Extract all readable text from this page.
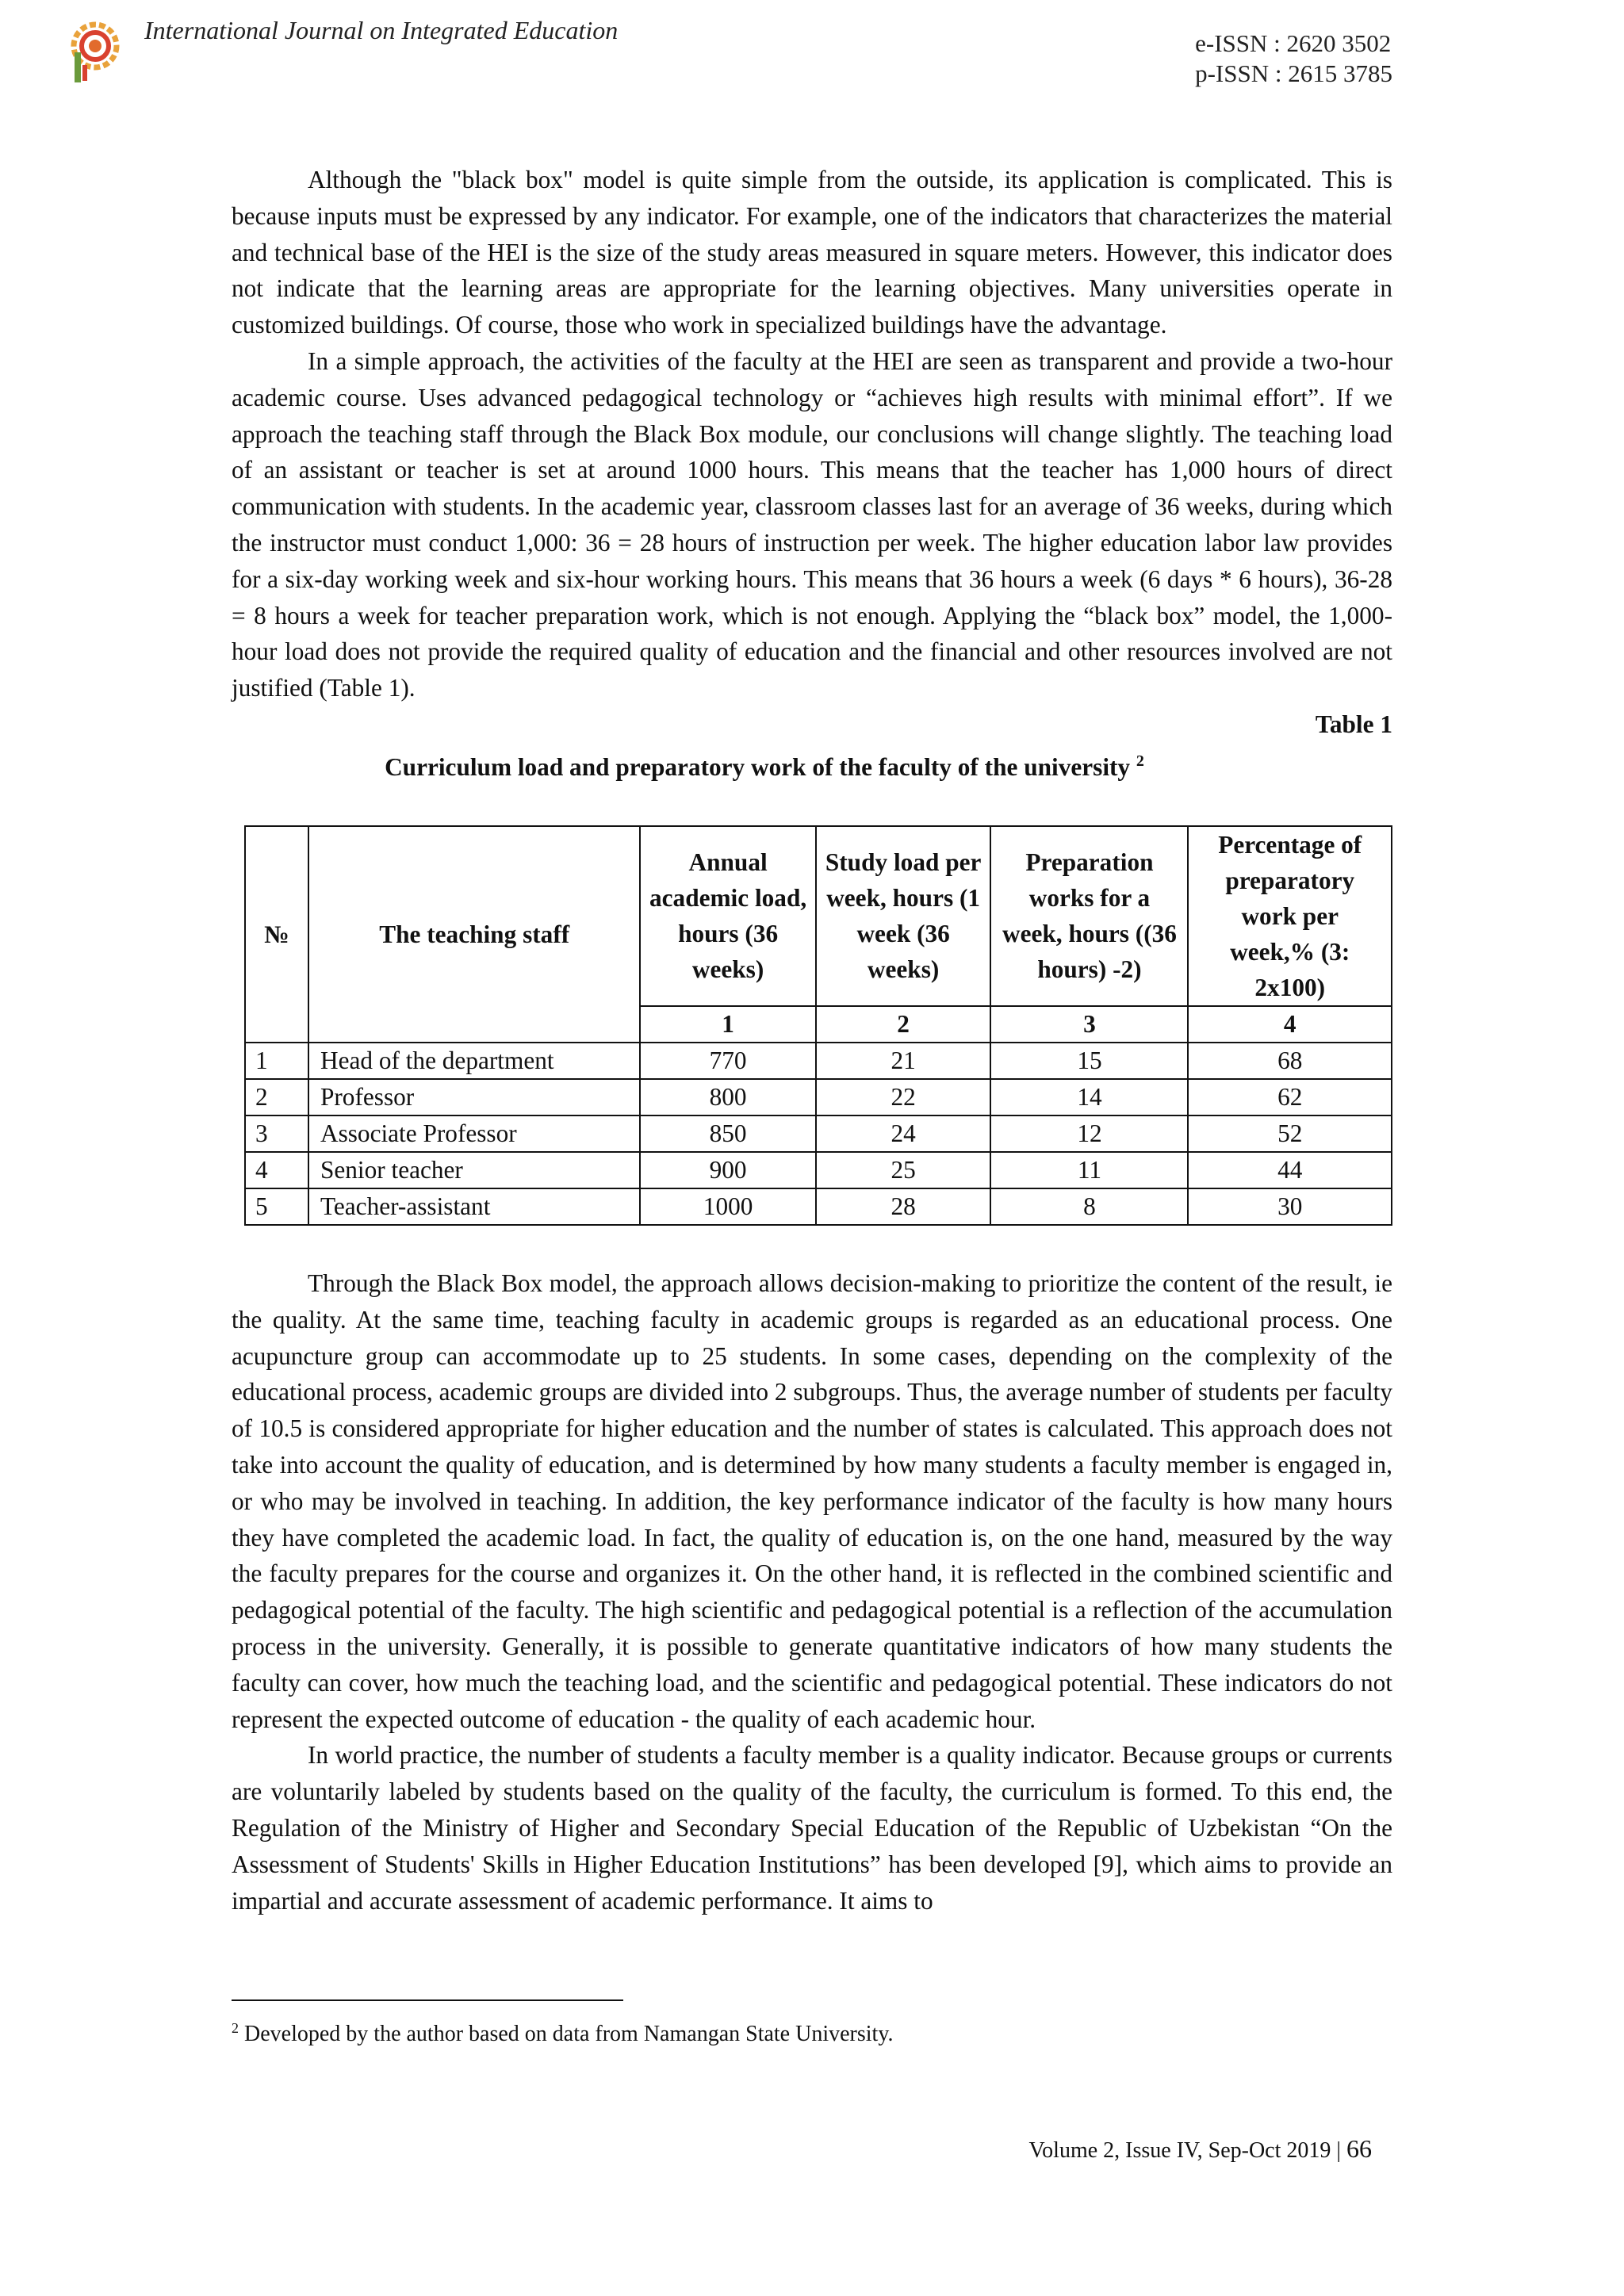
International Journal on Integrated Education	e-ISSN : 2620 3502
p-ISSN : 2615 3785

Although the "black box" model is quite simple from the outside, its application is complicated. This is because inputs must be expressed by any indicator. For example, one of the indicators that characterizes the material and technical base of the HEI is the size of the study areas measured in square meters. However, this indicator does not indicate that the learning areas are appropriate for the learning objectives. Many universities operate in customized buildings. Of course, those who work in specialized buildings have the advantage.

In a simple approach, the activities of the faculty at the HEI are seen as transparent and provide a two-hour academic course. Uses advanced pedagogical technology or “achieves high results with minimal effort”. If we approach the teaching staff through the Black Box module, our conclusions will change slightly. The teaching load of an assistant or teacher is set at around 1000 hours. This means that the teacher has 1,000 hours of direct communication with students. In the academic year, classroom classes last for an average of 36 weeks, during which the instructor must conduct 1,000: 36 = 28 hours of instruction per week. The higher education labor law provides for a six-day working week and six-hour working hours. This means that 36 hours a week (6 days * 6 hours), 36-28 = 8 hours a week for teacher preparation work, which is not enough. Applying the “black box” model, the 1,000-hour load does not provide the required quality of education and the financial and other resources involved are not justified (Table 1).

Table 1
Curriculum load and preparatory work of the faculty of the university $^2$
№	The teaching staff	Annual academic load, hours (36 weeks)	Study load per week, hours (1 week (36 weeks)	Preparation works for a week, hours ((36 hours) -2)	Percentage of preparatory work per week,% (3: 2x100)
		1	2	3	4
1	Head of the department	770	21	15	68
2	Professor	800	22	14	62
3	Associate Professor	850	24	12	52
4	Senior teacher	900	25	11	44
5	Teacher-assistant	1000	28	8	30

Through the Black Box model, the approach allows decision-making to prioritize the content of the result, ie the quality. At the same time, teaching faculty in academic groups is regarded as an educational process. One acupuncture group can accommodate up to 25 students. In some cases, depending on the complexity of the educational process, academic groups are divided into 2 subgroups. Thus, the average number of students per faculty of 10.5 is considered appropriate for higher education and the number of states is calculated. This approach does not take into account the quality of education, and is determined by how many students a faculty member is engaged in, or who may be involved in teaching. In addition, the key performance indicator of the faculty is how many hours they have completed the academic load. In fact, the quality of education is, on the one hand, measured by the way the faculty prepares for the course and organizes it. On the other hand, it is reflected in the combined scientific and pedagogical potential of the faculty. The high scientific and pedagogical potential is a reflection of the accumulation process in the university. Generally, it is possible to generate quantitative indicators of how many students the faculty can cover, how much the teaching load, and the scientific and pedagogical potential. These indicators do not represent the expected outcome of education - the quality of each academic hour.

In world practice, the number of students a faculty member is a quality indicator. Because groups or currents are voluntarily labeled by students based on the quality of the faculty, the curriculum is formed. To this end, the Regulation of the Ministry of Higher and Secondary Special Education of the Republic of Uzbekistan “On the Assessment of Students' Skills in Higher Education Institutions” has been developed [9], which aims to provide an impartial and accurate assessment of academic performance. It aims to

$^2$ Developed by the author based on data from Namangan State University.
Volume 2, Issue IV, Sep-Oct 2019 | 66
